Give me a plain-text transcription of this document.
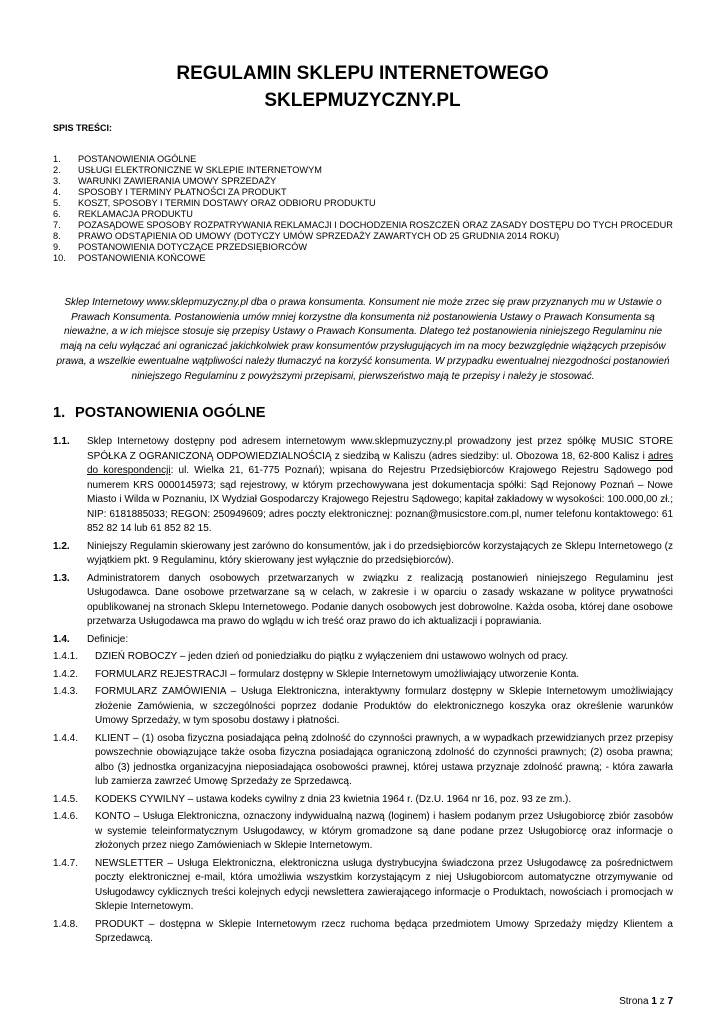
REGULAMIN SKLEPU INTERNETOWEGO
SKLEPMUZYCZNY.PL
SPIS TREŚCI:
1.	POSTANOWIENIA OGÓLNE
2.	USŁUGI ELEKTRONICZNE W SKLEPIE INTERNETOWYM
3.	WARUNKI ZAWIERANIA UMOWY SPRZEDAŻY
4.	SPOSOBY I TERMINY PŁATNOŚCI ZA PRODUKT
5.	KOSZT, SPOSOBY I TERMIN DOSTAWY ORAZ ODBIORU PRODUKTU
6.	REKLAMACJA PRODUKTU
7.	POZASĄDOWE SPOSOBY ROZPATRYWANIA REKLAMACJI I DOCHODZENIA ROSZCZEŃ ORAZ ZASADY DOSTĘPU DO TYCH PROCEDUR
8.	PRAWO ODSTĄPIENIA OD UMOWY (DOTYCZY UMÓW SPRZEDAŻY ZAWARTYCH OD 25 GRUDNIA 2014 ROKU)
9.	POSTANOWIENIA DOTYCZĄCE PRZEDSIĘBIORCÓW
10.	POSTANOWIENIA KOŃCOWE
Sklep Internetowy www.sklepmuzyczny.pl dba o prawa konsumenta. Konsument nie może zrzec się praw przyznanych mu w Ustawie o Prawach Konsumenta. Postanowienia umów mniej korzystne dla konsumenta niż postanowienia Ustawy o Prawach Konsumenta są nieważne, a w ich miejsce stosuje się przepisy Ustawy o Prawach Konsumenta. Dlatego też postanowienia niniejszego Regulaminu nie mają na celu wyłączać ani ograniczać jakichkolwiek praw konsumentów przysługujących im na mocy bezwzględnie wiążących przepisów prawa, a wszelkie ewentualne wątpliwości należy tłumaczyć na korzyść konsumenta. W przypadku ewentualnej niezgodności postanowień niniejszego Regulaminu z powyższymi przepisami, pierwszeństwo mają te przepisy i należy je stosować.
1. POSTANOWIENIA OGÓLNE
1.1.	Sklep Internetowy dostępny pod adresem internetowym www.sklepmuzyczny.pl prowadzony jest przez spółkę MUSIC STORE SPÓŁKA Z OGRANICZONĄ ODPOWIEDZIALNOŚCIĄ z siedzibą w Kaliszu (adres siedziby: ul. Obozowa 18, 62-800 Kalisz i adres do korespondencji: ul. Wielka 21, 61-775 Poznań); wpisana do Rejestru Przedsiębiorców Krajowego Rejestru Sądowego pod numerem KRS 0000145973; sąd rejestrowy, w którym przechowywana jest dokumentacja spółki: Sąd Rejonowy Poznań – Nowe Miasto i Wilda w Poznaniu, IX Wydział Gospodarczy Krajowego Rejestru Sądowego; kapitał zakładowy w wysokości: 100.000,00 zł.; NIP: 6181885033; REGON: 250949609; adres poczty elektronicznej: poznan@musicstore.com.pl, numer telefonu kontaktowego: 61 852 82 14 lub 61 852 82 15.
1.2.	Niniejszy Regulamin skierowany jest zarówno do konsumentów, jak i do przedsiębiorców korzystających ze Sklepu Internetowego (z wyjątkiem pkt. 9 Regulaminu, który skierowany jest wyłącznie do przedsiębiorców).
1.3.	Administratorem danych osobowych przetwarzanych w związku z realizacją postanowień niniejszego Regulaminu jest Usługodawca. Dane osobowe przetwarzane są w celach, w zakresie i w oparciu o zasady wskazane w polityce prywatności opublikowanej na stronach Sklepu Internetowego. Podanie danych osobowych jest dobrowolne. Każda osoba, której dane osobowe przetwarza Usługodawca ma prawo do wglądu w ich treść oraz prawo do ich aktualizacji i poprawiania.
1.4.	Definicje:
1.4.1.	DZIEŃ ROBOCZY – jeden dzień od poniedziałku do piątku z wyłączeniem dni ustawowo wolnych od pracy.
1.4.2.	FORMULARZ REJESTRACJI – formularz dostępny w Sklepie Internetowym umożliwiający utworzenie Konta.
1.4.3.	FORMULARZ ZAMÓWIENIA – Usługa Elektroniczna, interaktywny formularz dostępny w Sklepie Internetowym umożliwiający złożenie Zamówienia, w szczególności poprzez dodanie Produktów do elektronicznego koszyka oraz określenie warunków Umowy Sprzedaży, w tym sposobu dostawy i płatności.
1.4.4.	KLIENT – (1) osoba fizyczna posiadająca pełną zdolność do czynności prawnych, a w wypadkach przewidzianych przez przepisy powszechnie obowiązujące także osoba fizyczna posiadająca ograniczoną zdolność do czynności prawnych; (2) osoba prawna; albo (3) jednostka organizacyjna nieposiadająca osobowości prawnej, której ustawa przyznaje zdolność prawną; - która zawarła lub zamierza zawrzeć Umowę Sprzedaży ze Sprzedawcą.
1.4.5.	KODEKS CYWILNY – ustawa kodeks cywilny z dnia 23 kwietnia 1964 r. (Dz.U. 1964 nr 16, poz. 93 ze zm.).
1.4.6.	KONTO – Usługa Elektroniczna, oznaczony indywidualną nazwą (loginem) i hasłem podanym przez Usługobiorcę zbiór zasobów w systemie teleinformatycznym Usługodawcy, w którym gromadzone są dane podane przez Usługobiorcę oraz informacje o złożonych przez niego Zamówieniach w Sklepie Internetowym.
1.4.7.	NEWSLETTER – Usługa Elektroniczna, elektroniczna usługa dystrybucyjna świadczona przez Usługodawcę za pośrednictwem poczty elektronicznej e-mail, która umożliwia wszystkim korzystającym z niej Usługobiorcom automatyczne otrzymywanie od Usługodawcy cyklicznych treści kolejnych edycji newslettera zawierającego informacje o Produktach, nowościach i promocjach w Sklepie Internetowym.
1.4.8.	PRODUKT – dostępna w Sklepie Internetowym rzecz ruchoma będąca przedmiotem Umowy Sprzedaży między Klientem a Sprzedawcą.
Strona 1 z 7
